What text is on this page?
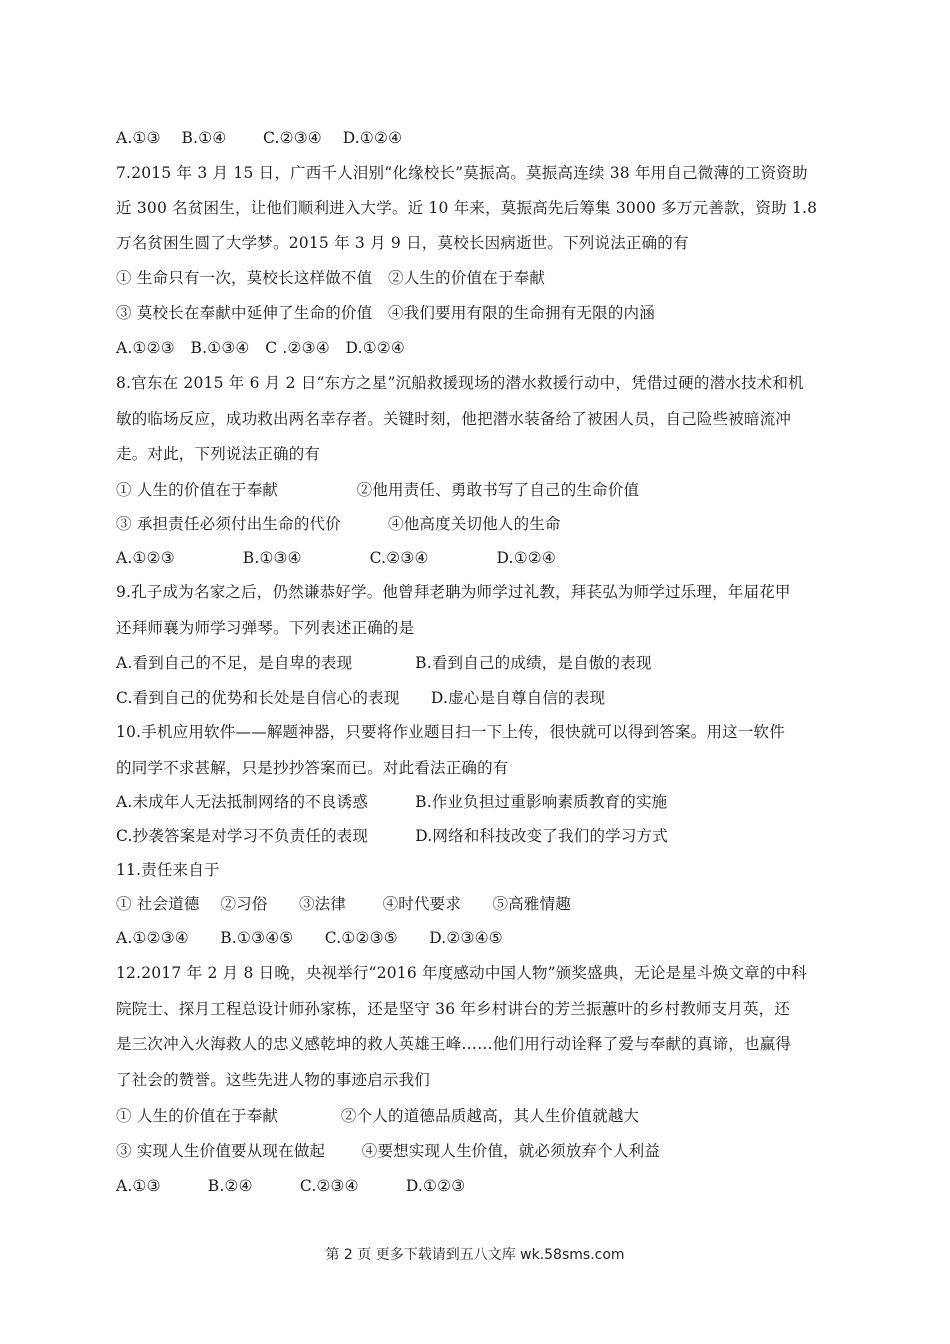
A.①③　 B.①④　　 C.②③④　 D.①②④
7.2015 年 3 月 15 日，广西千人泪别“化缘校长”莫振高。莫振高连续 38 年用自己微薄的工资资助
近 300 名贫困生，让他们顺利进入大学。近 10 年来，莫振高先后筹集 3000 多万元善款，资助 1.8
万名贫困生圆了大学梦。2015 年 3 月 9 日，莫校长因病逝世。下列说法正确的有
① 生命只有一次，莫校长这样做不值　②人生的价值在于奉献
③ 莫校长在奉献中延伸了生命的价值　④我们要用有限的生命拥有无限的内涵
A.①②③　B.①③④　C .②③④　D.①②④
8.官东在 2015 年 6 月 2 日“东方之星”沉船救援现场的潜水救援行动中，凭借过硬的潜水技术和机
敏的临场反应，成功救出两名幸存者。关键时刻，他把潜水装备给了被困人员，自己险些被暗流冲
走。对此，下列说法正确的有
① 人生的价值在于奉献　　　　　②他用责任、勇敢书写了自己的生命价值
③ 承担责任必须付出生命的代价　　　④他高度关切他人的生命
A.①②③　　　　 B.①③④　　　　 C.②③④　　　　 D.①②④
9.孔子成为名家之后，仍然谦恭好学。他曾拜老聃为师学过礼教，拜苌弘为师学过乐理，年届花甲
还拜师襄为师学习弹琴。下列表述正确的是
A.看到自己的不足，是自卑的表现　　　　B.看到自己的成绩，是自傲的表现
C.看到自己的优势和长处是自信心的表现　　D.虚心是自尊自信的表现
10.手机应用软件——解题神器，只要将作业题目扫一下上传，很快就可以得到答案。用这一软件
的同学不求甚解，只是抄抄答案而已。对此看法正确的有
A.未成年人无法抵制网络的不良诱惑　　　B.作业负担过重影响素质教育的实施
C.抄袭答案是对学习不负责任的表现　　　D.网络和科技改变了我们的学习方式
11.责任来自于
① 社会道德　 ②习俗　　③法律　　 ④时代要求　　⑤高雅情趣
A.①②③④　　B.①③④⑤　　C.①②③⑤　　D.②③④⑤
12.2017 年 2 月 8 日晚，央视举行“2016 年度感动中国人物”颁奖盛典，无论是星斗焕文章的中科
院院士、探月工程总设计师孙家栋，还是坚守 36 年乡村讲台的芳兰振蕙叶的乡村教师支月英，还
是三次冲入火海救人的忠义感乾坤的救人英雄王峰……他们用行动诠释了爱与奉献的真谛，也赢得
了社会的赞誉。这些先进人物的事迹启示我们
① 人生的价值在于奉献　　　　②个人的道德品质越高，其人生价值就越大
③ 实现人生价值要从现在做起　　 ④要想实现人生价值，就必须放弃个人利益
A.①③　　　B.②④　　　C.②③④　　　D.①②③
第 2 页 更多下载请到五八文库 wk.58sms.com
